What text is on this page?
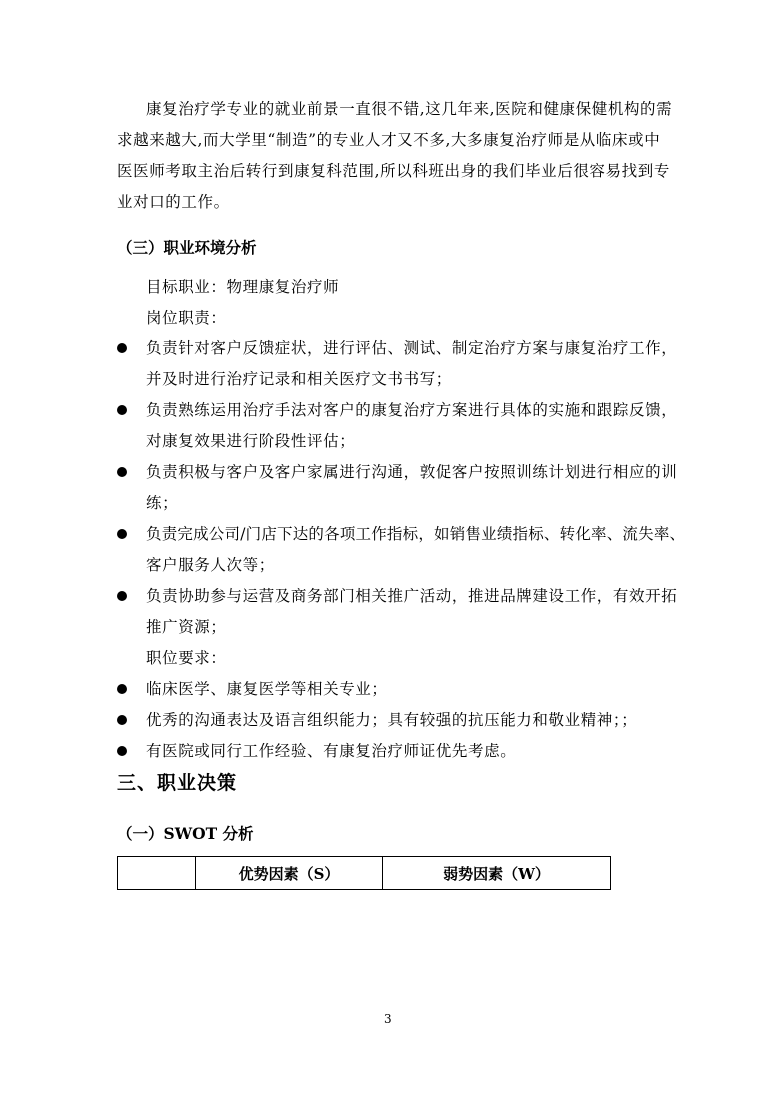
康复治疗学专业的就业前景一直很不错,这几年来,医院和健康保健机构的需
求越来越大,而大学里“制造”的专业人才又不多,大多康复治疗师是从临床或中
医医师考取主治后转行到康复科范围,所以科班出身的我们毕业后很容易找到专
业对口的工作。
（三）职业环境分析
目标职业：物理康复治疗师
岗位职责：
负责针对客户反馈症状，进行评估、测试、制定治疗方案与康复治疗工作，
并及时进行治疗记录和相关医疗文书书写；
负责熟练运用治疗手法对客户的康复治疗方案进行具体的实施和跟踪反馈，
对康复效果进行阶段性评估；
负责积极与客户及客户家属进行沟通，敦促客户按照训练计划进行相应的训
练；
负责完成公司/门店下达的各项工作指标，如销售业绩指标、转化率、流失率、
客户服务人次等；
负责协助参与运营及商务部门相关推广活动，推进品牌建设工作，有效开拓
推广资源；
职位要求：
临床医学、康复医学等相关专业；
优秀的沟通表达及语言组织能力；具有较强的抗压能力和敬业精神；；
有医院或同行工作经验、有康复治疗师证优先考虑。
三、职业决策
（一）SWOT 分析
	优势因素（S）	弱势因素（W）
3
